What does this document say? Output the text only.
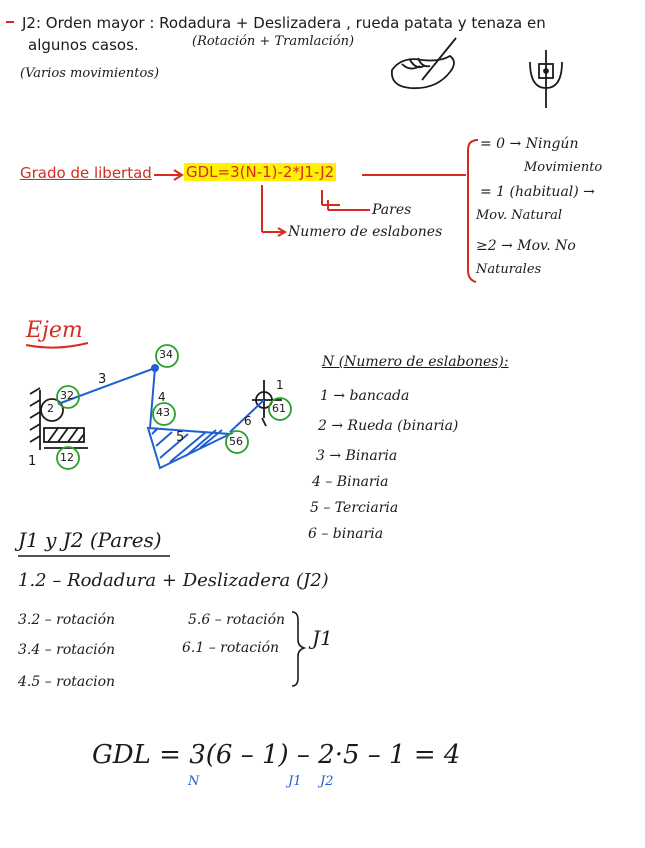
J2: Orden mayor : Rodadura + Deslizadera , rueda patata y tenaza en
algunos casos.	(Rotación + Tramlación)
(Varios movimientos)
Grado de libertad GDL=3(N-1)-2*J1-J2
Pares
Numero de eslabones
= 0 → Ningún
Movimiento
= 1 (habitual) →
Mov. Natural
≥2 → Mov. No
Naturales
Ejem
34
32
2
3
4
43
5
6
56
61
12
1
1
N (Numero de eslabones):
1 → bancada
2 → Rueda (binaria)
3 → Binaria
4 – Binaria
5 – Terciaria
6 – binaria
J1 y J2 (Pares)
1.2 – Rodadura + Deslizadera (J2)
3.2 – rotación
3.4 – rotación
4.5 – rotacion
5.6 – rotación
6.1 – rotación J1
GDL = 3(6 – 1) – 2·5 – 1 = 4
N	J1 J2
